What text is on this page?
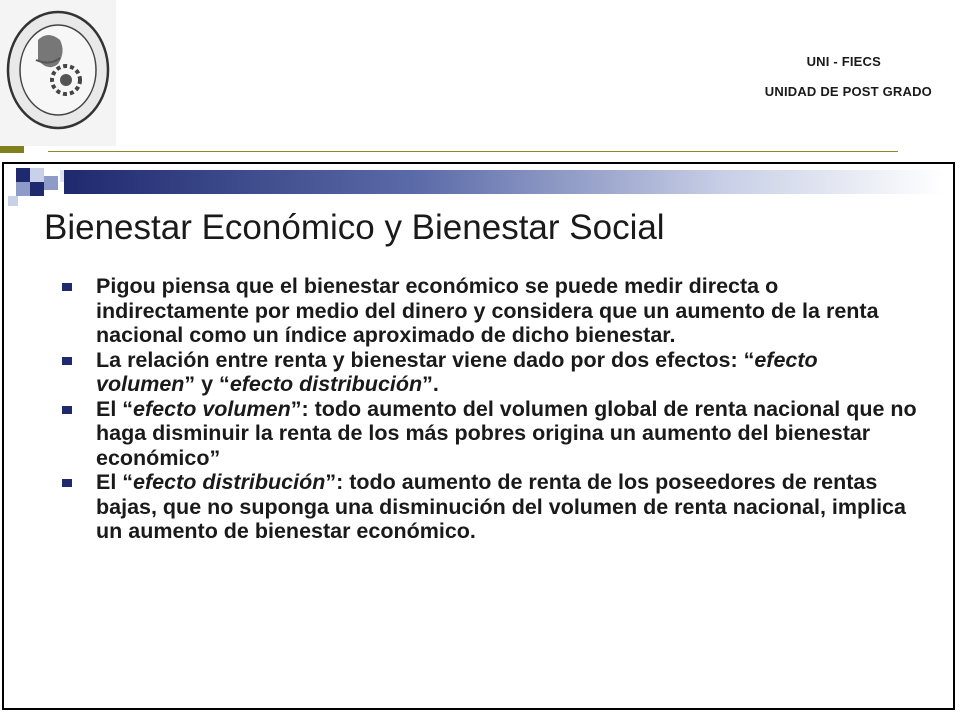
UNI - FIECS
UNIDAD DE POST GRADO
Bienestar Económico y Bienestar Social
Pigou piensa que el bienestar económico se puede medir directa o indirectamente por medio del dinero y considera que un aumento de la renta nacional como un índice aproximado de dicho bienestar.
La relación entre renta y bienestar viene dado por dos efectos: “efecto volumen” y “efecto distribución”.
El “efecto volumen”: todo aumento del volumen global de renta nacional que no haga disminuir la renta de los más pobres origina un aumento del bienestar económico”
El “efecto distribución”: todo aumento de renta de los poseedores de rentas bajas, que no suponga una disminución del volumen de renta nacional, implica un aumento de bienestar económico.
